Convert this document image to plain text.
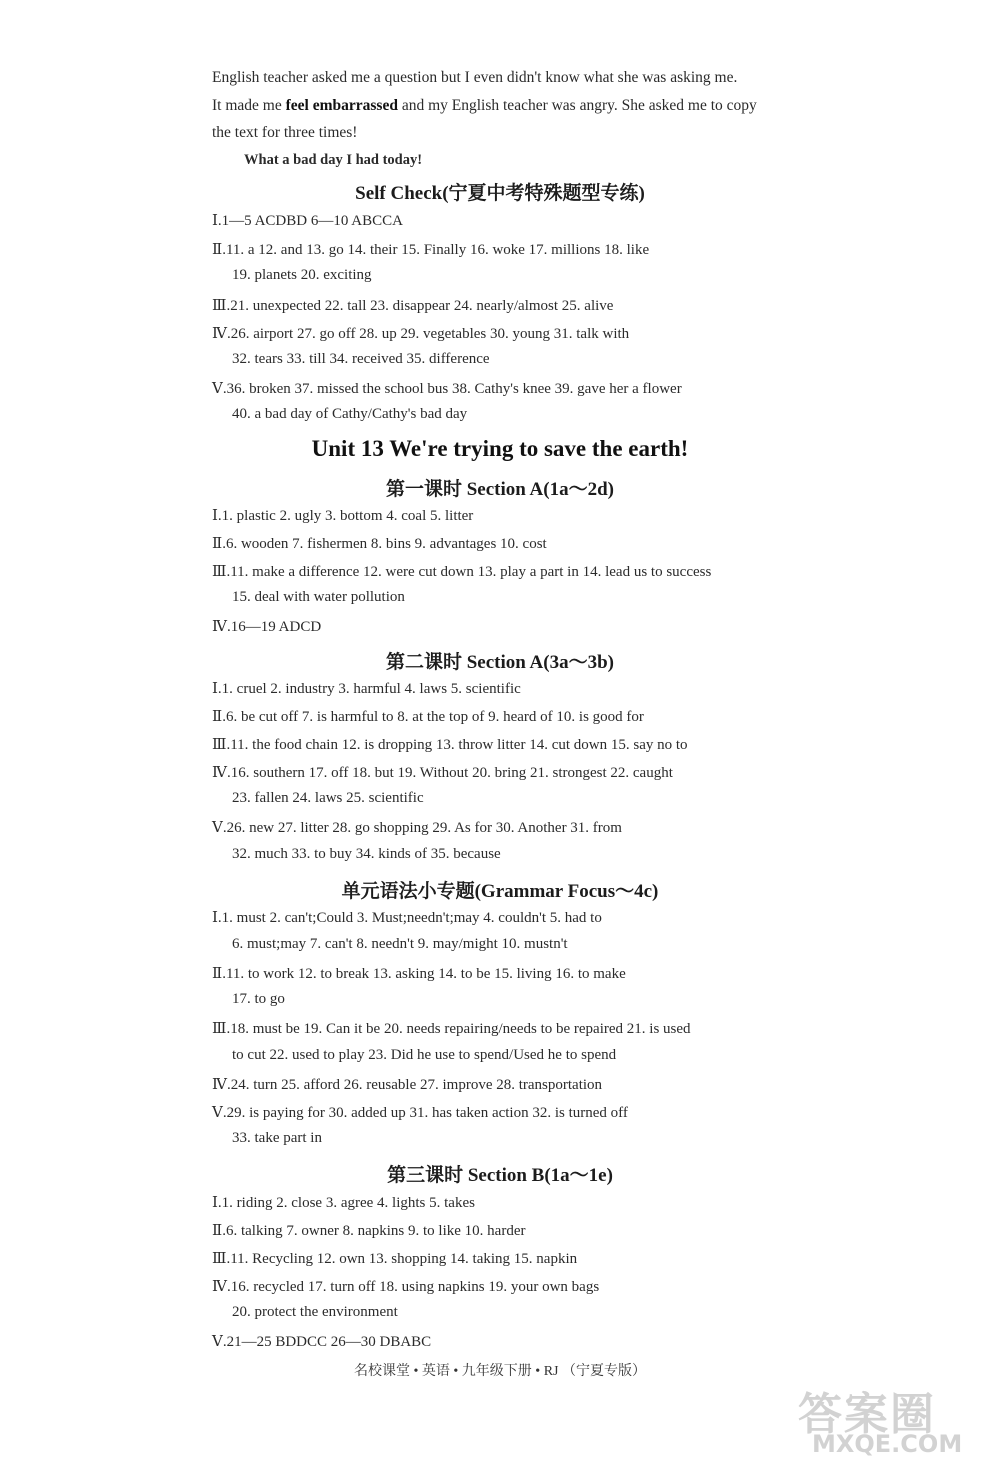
English teacher asked me a question but I even didn't know what she was asking me.

It made me feel embarrassed and my English teacher was angry. She asked me to copy

the text for three times!

What a bad day I had today!

Self Check(宁夏中考特殊题型专练)
Ⅰ.1—5 ACDBD 6—10 ABCCA
Ⅱ.11. a 12. and 13. go 14. their 15. Finally 16. woke 17. millions 18. like
19. planets 20. exciting
Ⅲ.21. unexpected 22. tall 23. disappear 24. nearly/almost 25. alive
Ⅳ.26. airport 27. go off 28. up 29. vegetables 30. young 31. talk with
32. tears 33. till 34. received 35. difference
Ⅴ.36. broken 37. missed the school bus 38. Cathy's knee 39. gave her a flower
40. a bad day of Cathy/Cathy's bad day
Unit 13 We're trying to save the earth!
第一课时 Section A(1a～2d)
Ⅰ.1. plastic 2. ugly 3. bottom 4. coal 5. litter
Ⅱ.6. wooden 7. fishermen 8. bins 9. advantages 10. cost
Ⅲ.11. make a difference 12. were cut down 13. play a part in 14. lead us to success
15. deal with water pollution
Ⅳ.16—19 ADCD
第二课时 Section A(3a～3b)
Ⅰ.1. cruel 2. industry 3. harmful 4. laws 5. scientific
Ⅱ.6. be cut off 7. is harmful to 8. at the top of 9. heard of 10. is good for
Ⅲ.11. the food chain 12. is dropping 13. throw litter 14. cut down 15. say no to
Ⅳ.16. southern 17. off 18. but 19. Without 20. bring 21. strongest 22. caught
23. fallen 24. laws 25. scientific
Ⅴ.26. new 27. litter 28. go shopping 29. As for 30. Another 31. from
32. much 33. to buy 34. kinds of 35. because
单元语法小专题(Grammar Focus～4c)
Ⅰ.1. must 2. can't;Could 3. Must;needn't;may 4. couldn't 5. had to
6. must;may 7. can't 8. needn't 9. may/might 10. mustn't
Ⅱ.11. to work 12. to break 13. asking 14. to be 15. living 16. to make
17. to go
Ⅲ.18. must be 19. Can it be 20. needs repairing/needs to be repaired 21. is used
to cut 22. used to play 23. Did he use to spend/Used he to spend
Ⅳ.24. turn 25. afford 26. reusable 27. improve 28. transportation
Ⅴ.29. is paying for 30. added up 31. has taken action 32. is turned off
33. take part in
第三课时 Section B(1a～1e)
Ⅰ.1. riding 2. close 3. agree 4. lights 5. takes
Ⅱ.6. talking 7. owner 8. napkins 9. to like 10. harder
Ⅲ.11. Recycling 12. own 13. shopping 14. taking 15. napkin
Ⅳ.16. recycled 17. turn off 18. using napkins 19. your own bags
20. protect the environment
Ⅴ.21—25 BDDCC 26—30 DBABC
名校课堂 • 英语 • 九年级下册 • RJ （宁夏专版）
答案圈
MXQE.COM
